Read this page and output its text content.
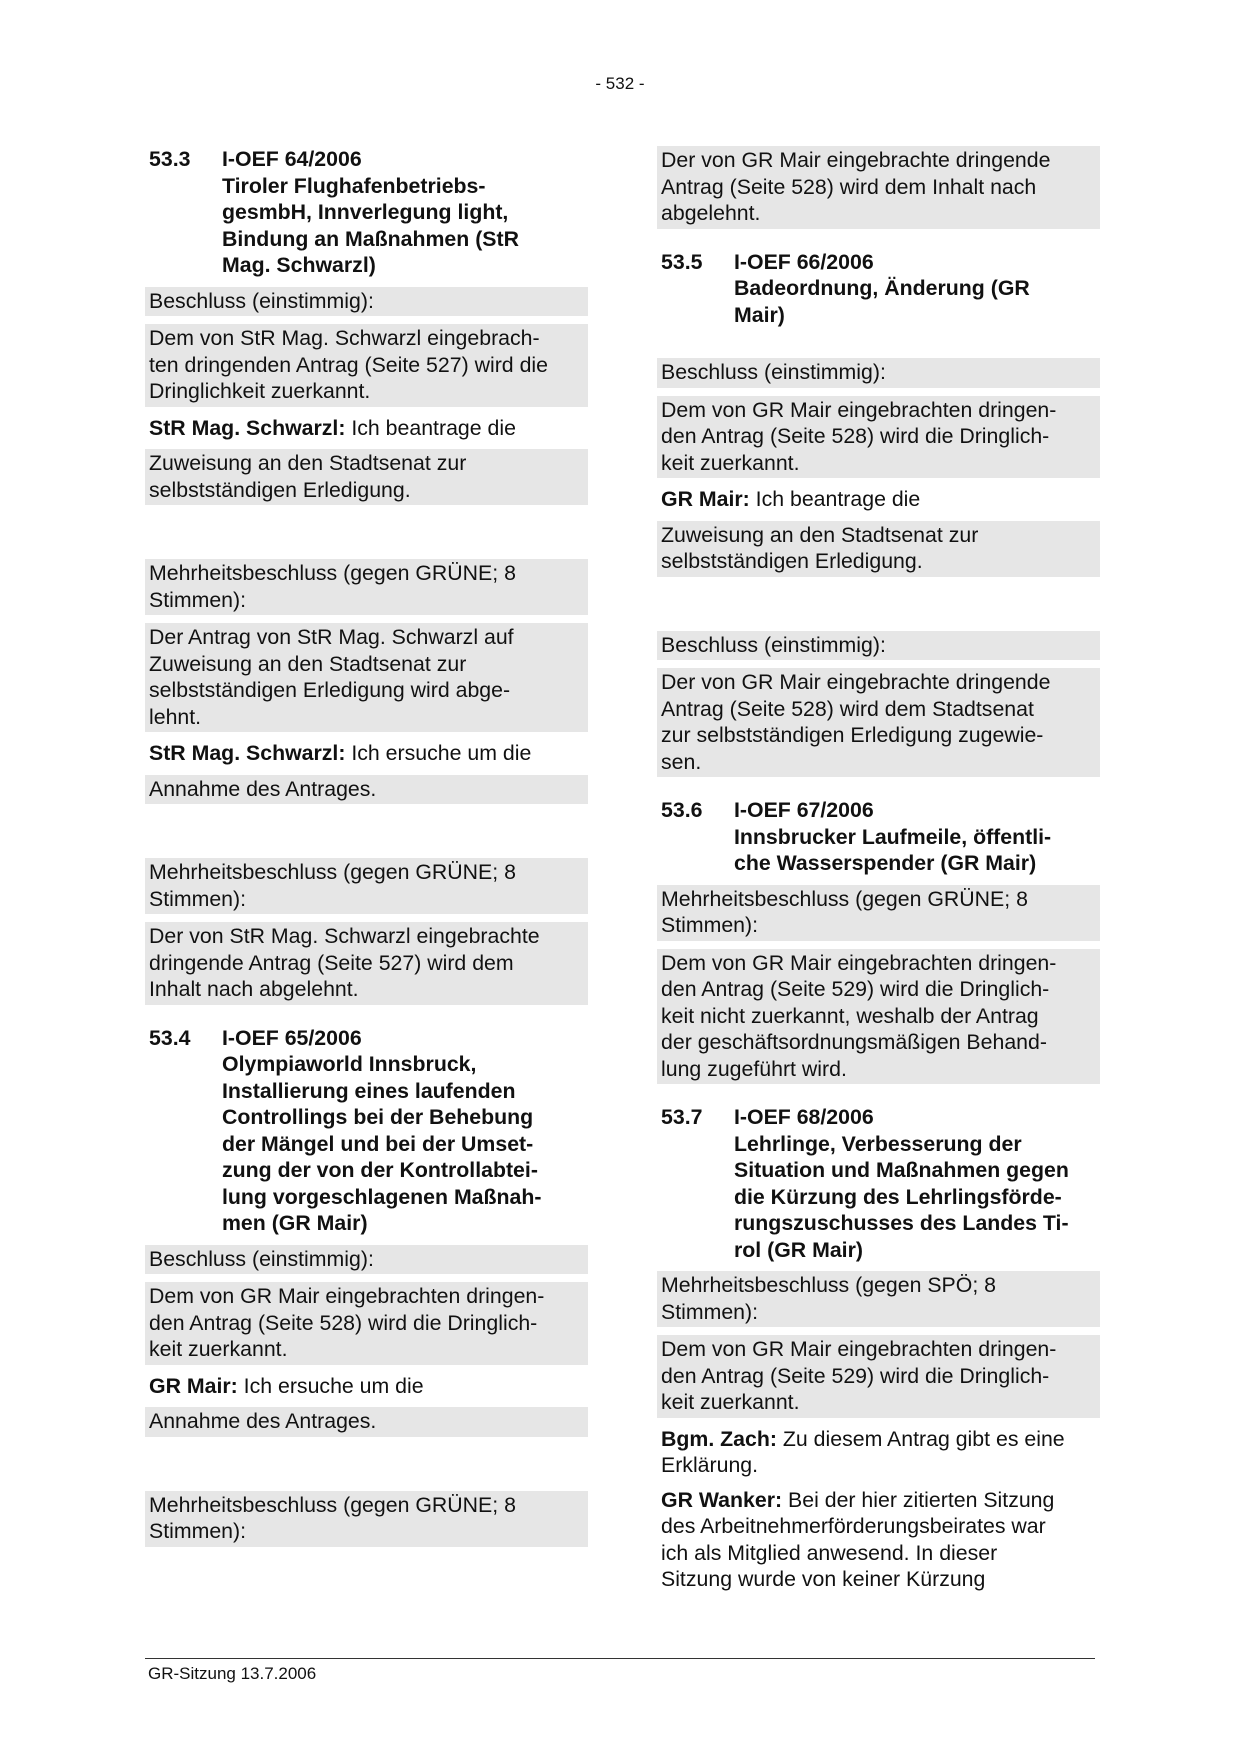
- 532 -
53.3	I-OEF 64/2006
Tiroler Flughafenbetriebs-
gesmbH, Innverlegung light,
Bindung an Maßnahmen (StR
Mag. Schwarzl)
Beschluss (einstimmig):
Dem von StR Mag. Schwarzl eingebrach-
ten dringenden Antrag (Seite 527) wird die
Dringlichkeit zuerkannt.
StR Mag. Schwarzl: Ich beantrage die
Zuweisung an den Stadtsenat zur
selbstständigen Erledigung.
Mehrheitsbeschluss (gegen GRÜNE; 8
Stimmen):
Der Antrag von StR Mag. Schwarzl auf
Zuweisung an den Stadtsenat zur
selbstständigen Erledigung wird abge-
lehnt.
StR Mag. Schwarzl: Ich ersuche um die
Annahme des Antrages.
Mehrheitsbeschluss (gegen GRÜNE; 8
Stimmen):
Der von StR Mag. Schwarzl eingebrachte
dringende Antrag (Seite 527) wird dem
Inhalt nach abgelehnt.
53.4	I-OEF 65/2006
Olympiaworld Innsbruck,
Installierung eines laufenden
Controllings bei der Behebung
der Mängel und bei der Umset-
zung der von der Kontrollabtei-
lung vorgeschlagenen Maßnah-
men (GR Mair)
Beschluss (einstimmig):
Dem von GR Mair eingebrachten dringen-
den Antrag (Seite 528) wird die Dringlich-
keit zuerkannt.
GR Mair: Ich ersuche um die
Annahme des Antrages.
Mehrheitsbeschluss (gegen GRÜNE; 8
Stimmen):
Der von GR Mair eingebrachte dringende
Antrag (Seite 528) wird dem Inhalt nach
abgelehnt.
53.5	I-OEF 66/2006
Badeordnung, Änderung (GR
Mair)
Beschluss (einstimmig):
Dem von GR Mair eingebrachten dringen-
den Antrag (Seite 528) wird die Dringlich-
keit zuerkannt.
GR Mair: Ich beantrage die
Zuweisung an den Stadtsenat zur
selbstständigen Erledigung.
Beschluss (einstimmig):
Der von GR Mair eingebrachte dringende
Antrag (Seite 528) wird dem Stadtsenat
zur selbstständigen Erledigung zugewie-
sen.
53.6	I-OEF 67/2006
Innsbrucker Laufmeile, öffentli-
che Wasserspender (GR Mair)
Mehrheitsbeschluss (gegen GRÜNE; 8
Stimmen):
Dem von GR Mair eingebrachten dringen-
den Antrag (Seite 529) wird die Dringlich-
keit nicht zuerkannt, weshalb der Antrag
der geschäftsordnungsmäßigen Behand-
lung zugeführt wird.
53.7	I-OEF 68/2006
Lehrlinge, Verbesserung der
Situation und Maßnahmen gegen
die Kürzung des Lehrlingsförde-
rungszuschusses des Landes Ti-
rol (GR Mair)
Mehrheitsbeschluss (gegen SPÖ; 8
Stimmen):
Dem von GR Mair eingebrachten dringen-
den Antrag (Seite 529) wird die Dringlich-
keit zuerkannt.
Bgm. Zach: Zu diesem Antrag gibt es eine
Erklärung.
GR Wanker: Bei der hier zitierten Sitzung
des Arbeitnehmerförderungsbeirates war
ich als Mitglied anwesend. In dieser
Sitzung wurde von keiner Kürzung
GR-Sitzung 13.7.2006
